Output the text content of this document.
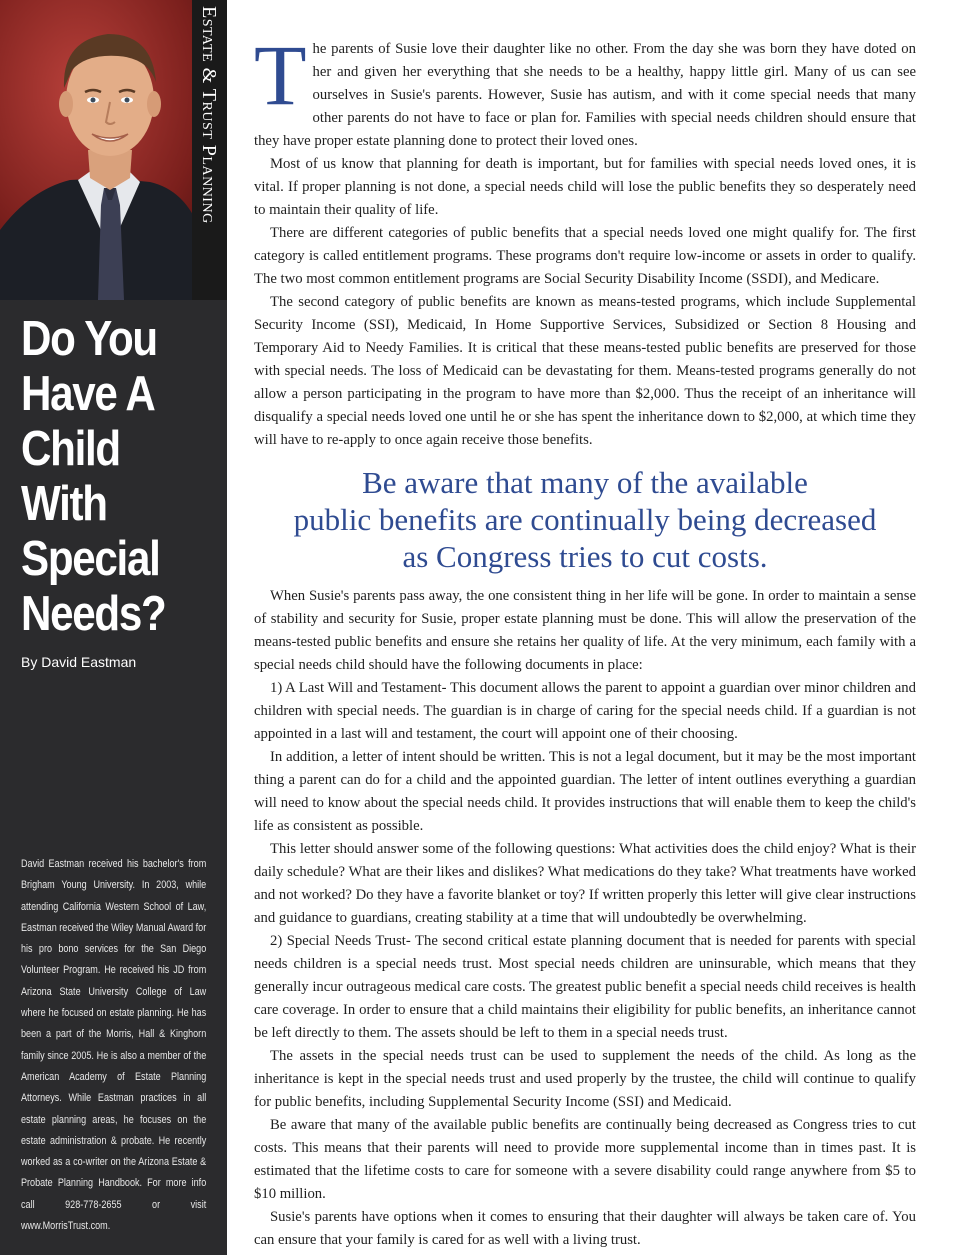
Estate & Trust Planning
Do You
Have A
Child
With
Special
Needs?
By David Eastman
David Eastman received his bachelor's from Brigham Young University. In 2003, while attending California Western School of Law, Eastman received the Wiley Manual Award for his pro bono services for the San Diego Volunteer Program. He received his JD from Arizona State University College of Law where he focused on estate planning. He has been a part of the Morris, Hall & Kinghorn family since 2005. He is also a member of the American Academy of Estate Planning Attorneys. While Eastman practices in all estate planning areas, he focuses on the estate administration & probate. He recently worked as a co-writer on the Arizona Estate & Probate Planning Handbook. For more info call 928-778-2655 or visit www.MorrisTrust.com.

The parents of Susie love their daughter like no other. From the day she was born they have doted on her and given her everything that she needs to be a healthy, happy little girl. Many of us can see ourselves in Susie's parents. However, Susie has autism, and with it come special needs that many other parents do not have to face or plan for. Families with special needs children should ensure that they have proper estate planning done to protect their loved ones.

Most of us know that planning for death is important, but for families with special needs loved ones, it is vital. If proper planning is not done, a special needs child will lose the public benefits they so desperately need to maintain their quality of life.

There are different categories of public benefits that a special needs loved one might qualify for. The first category is called entitlement programs. These programs don't require low-income or assets in order to qualify. The two most common entitlement programs are Social Security Disability Income (SSDI), and Medicare.

The second category of public benefits are known as means-tested programs, which include Supplemental Security Income (SSI), Medicaid, In Home Supportive Services, Subsidized or Section 8 Housing and Temporary Aid to Needy Families. It is critical that these means-tested public benefits are preserved for those with special needs. The loss of Medicaid can be devastating for them. Means-tested programs generally do not allow a person participating in the program to have more than $2,000. Thus the receipt of an inheritance will disqualify a special needs loved one until he or she has spent the inheritance down to $2,000, at which time they will have to re-apply to once again receive those benefits.

Be aware that many of the available
public benefits are continually being decreased
as Congress tries to cut costs.

When Susie's parents pass away, the one consistent thing in her life will be gone. In order to maintain a sense of stability and security for Susie, proper estate planning must be done. This will allow the preservation of the means-tested public benefits and ensure she retains her quality of life. At the very minimum, each family with a special needs child should have the following documents in place:

1) A Last Will and Testament- This document allows the parent to appoint a guardian over minor children and children with special needs. The guardian is in charge of caring for the special needs child. If a guardian is not appointed in a last will and testament, the court will appoint one of their choosing.

In addition, a letter of intent should be written. This is not a legal document, but it may be the most important thing a parent can do for a child and the appointed guardian. The letter of intent outlines everything a guardian will need to know about the special needs child. It provides instructions that will enable them to keep the child's life as consistent as possible.

This letter should answer some of the following questions: What activities does the child enjoy? What is their daily schedule? What are their likes and dislikes? What medications do they take? What treatments have worked and not worked? Do they have a favorite blanket or toy? If written properly this letter will give clear instructions and guidance to guardians, creating stability at a time that will undoubtedly be overwhelming.

2) Special Needs Trust- The second critical estate planning document that is needed for parents with special needs children is a special needs trust. Most special needs children are uninsurable, which means that they generally incur outrageous medical care costs. The greatest public benefit a special needs child receives is health care coverage. In order to ensure that a child maintains their eligibility for public benefits, an inheritance cannot be left directly to them. The assets should be left to them in a special needs trust.

The assets in the special needs trust can be used to supplement the needs of the child. As long as the inheritance is kept in the special needs trust and used properly by the trustee, the child will continue to qualify for public benefits, including Supplemental Security Income (SSI) and Medicaid.

Be aware that many of the available public benefits are continually being decreased as Congress tries to cut costs. This means that their parents will need to provide more supplemental income than in times past. It is estimated that the lifetime costs to care for someone with a severe disability could range anywhere from $5 to $10 million.

Susie's parents have options when it comes to ensuring that their daughter will always be taken care of. You can ensure that your family is cared for as well with a living trust.
